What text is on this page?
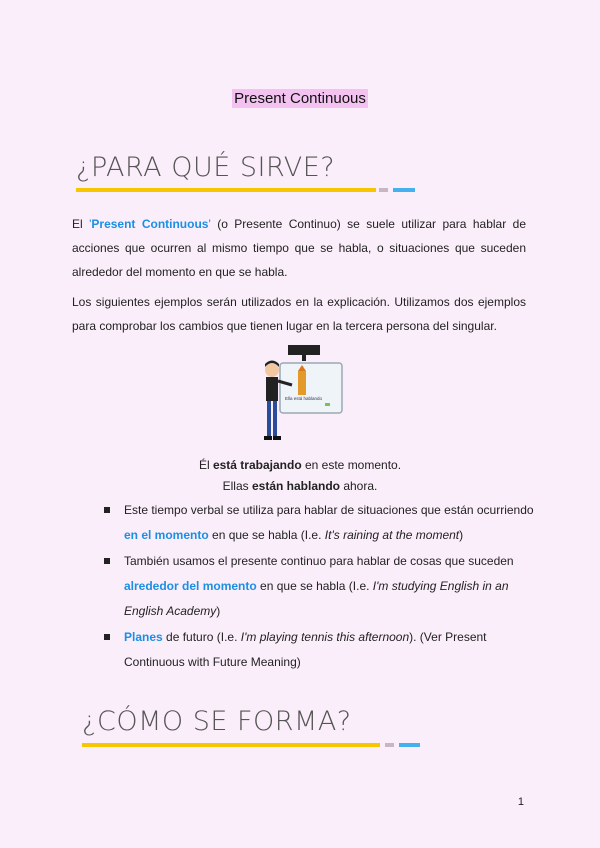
Present Continuous
¿PARA QUÉ SIRVE?

El 'Present Continuous' (o Presente Continuo) se suele utilizar para hablar de acciones que ocurren al mismo tiempo que se habla, o situaciones que suceden alrededor del momento en que se habla.

Los siguientes ejemplos serán utilizados en la explicación. Utilizamos dos ejemplos para comprobar los cambios que tienen lugar en la tercera persona del singular.

Ella está hablando
Él está trabajando en este momento.
Ellas están hablando ahora.
Este tiempo verbal se utiliza para hablar de situaciones que están ocurriendo en el momento en que se habla (I.e. It's raining at the moment)
También usamos el presente continuo para hablar de cosas que suceden alrededor del momento en que se habla (I.e. I'm studying English in an English Academy)
Planes de futuro (I.e. I'm playing tennis this afternoon). (Ver Present Continuous with Future Meaning)
¿CÓMO SE FORMA?
1
